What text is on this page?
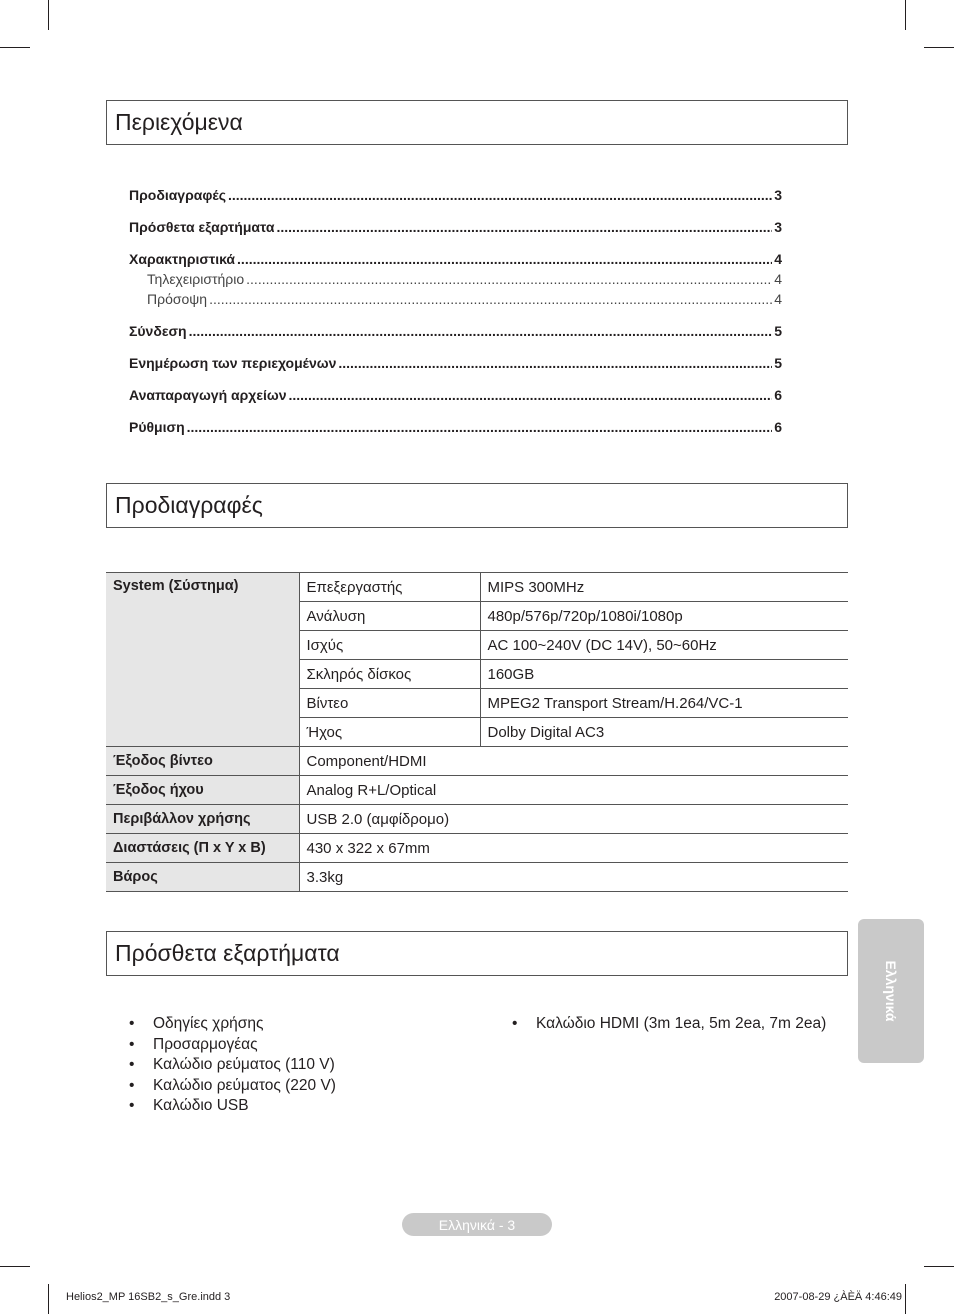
Περιεχόμενα
Προδιαγραφές .....	3
Πρόσθετα εξαρτήματα .....	3
Χαρακτηριστικά .....	4
Τηλεχειριστήριο .....	4
Πρόσοψη .....	4
Σύνδεση .....	5
Ενημέρωση των περιεχομένων .....	5
Αναπαραγωγή αρχείων .....	6
Ρύθμιση .....	6
Προδιαγραφές
System (Σύστημα)	Επεξεργαστής	MIPS 300MHz
	Ανάλυση	480p/576p/720p/1080i/1080p
	Ισχύς	AC 100~240V (DC 14V), 50~60Hz
	Σκληρός δίσκος	160GB
	Βίντεο	MPEG2 Transport Stream/H.264/VC-1
	Ήχος	Dolby Digital AC3
Έξοδος βίντεο	Component/HDMI	
Έξοδος ήχου	Analog R+L/Optical	
Περιβάλλον χρήσης	USB 2.0 (αμφίδρομο)	
Διαστάσεις (Π x Y x Β)	430 x 322 x 67mm	
Βάρος	3.3kg	
Πρόσθετα εξαρτήματα
• Οδηγίες χρήσης
• Προσαρμογέας
• Καλώδιο ρεύματος (110 V)
• Καλώδιο ρεύματος (220 V)
• Καλώδιο USB
• Καλώδιο HDMI (3m 1ea, 5m 2ea, 7m 2ea)
Ελληνικά
Ελληνικά - 3
Helios2_MP 16SB2_s_Gre.indd 3	2007-08-29 ¿ÀÈÄ 4:46:49
